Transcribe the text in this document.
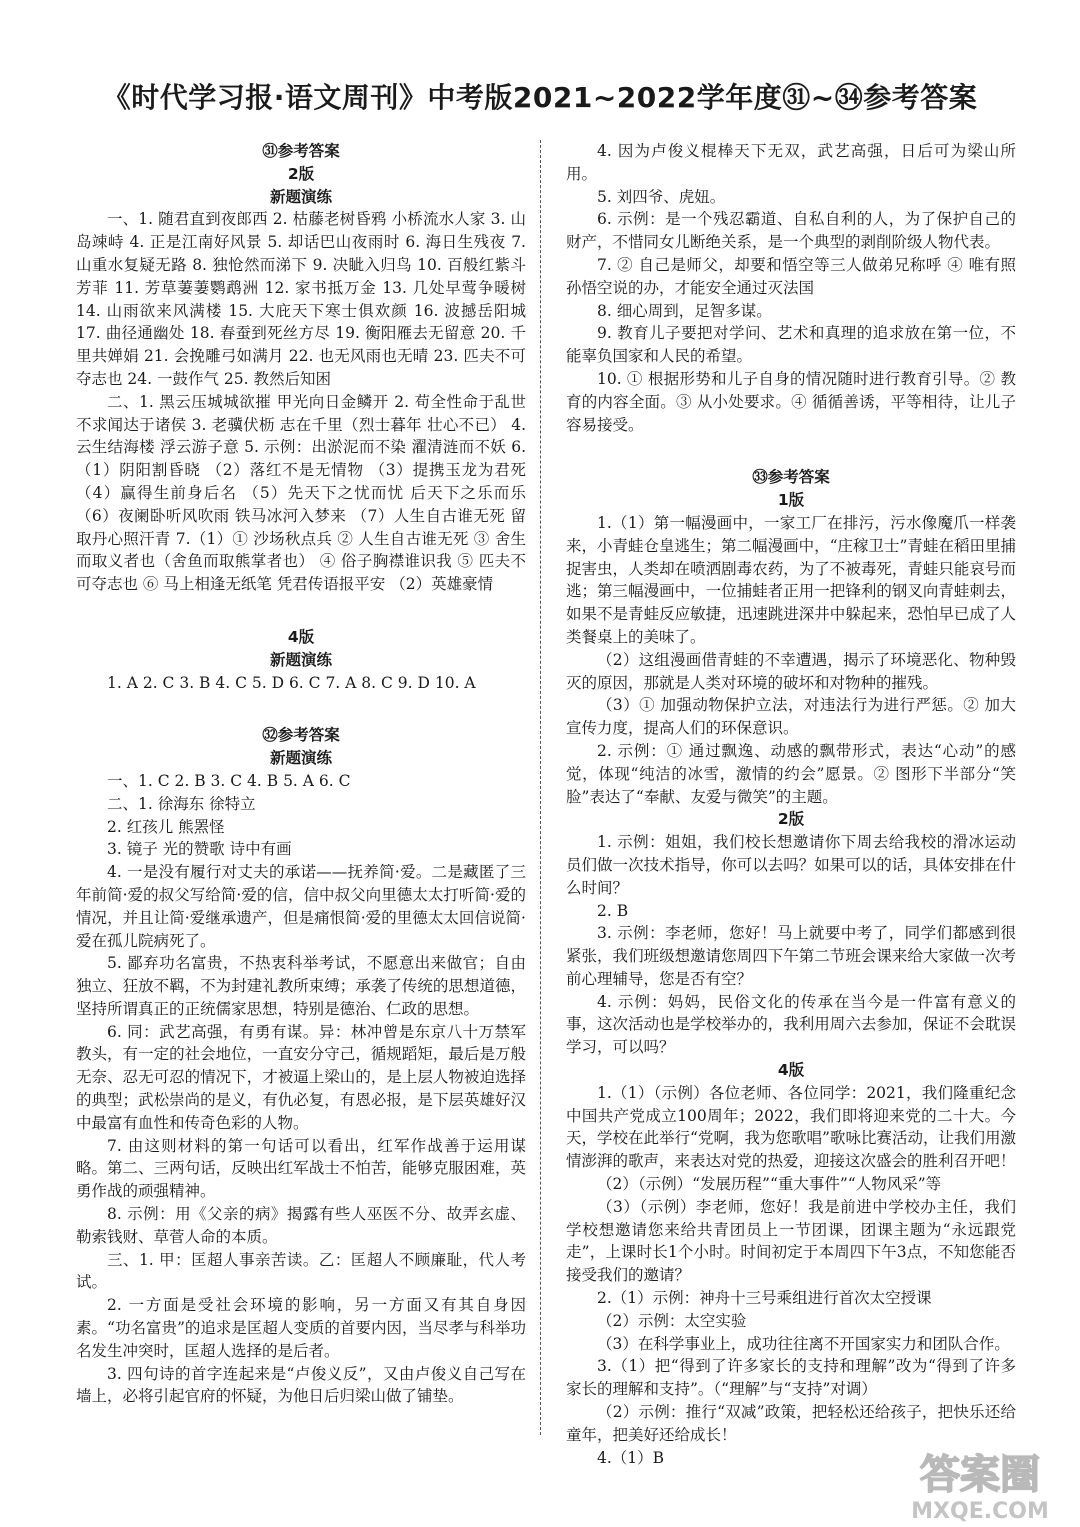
《时代学习报·语文周刊》中考版2021~2022学年度㉛~㉞参考答案
㉛参考答案
2版
新题演练
一、1. 随君直到夜郎西 2. 枯藤老树昏鸦 小桥流水人家 3. 山岛竦峙 4. 正是江南好风景 5. 却话巴山夜雨时 6. 海日生残夜 7. 山重水复疑无路 8. 独怆然而涕下 9. 决眦入归鸟 10. 百般红紫斗芳菲 11. 芳草萋萋鹦鹉洲 12. 家书抵万金 13. 几处早莺争暖树 14. 山雨欲来风满楼 15. 大庇天下寒士俱欢颜 16. 波撼岳阳城 17. 曲径通幽处 18. 春蚕到死丝方尽 19. 衡阳雁去无留意 20. 千里共婵娟 21. 会挽雕弓如满月 22. 也无风雨也无晴 23. 匹夫不可夺志也 24. 一鼓作气 25. 教然后知困
二、1. 黑云压城城欲摧 甲光向日金鳞开 2. 苟全性命于乱世 不求闻达于诸侯 3. 老骥伏枥 志在千里（烈士暮年 壮心不已） 4. 云生结海楼 浮云游子意 5. 示例：出淤泥而不染 濯清涟而不妖 6.（1）阴阳割昏晓 （2）落红不是无情物 （3）提携玉龙为君死 （4）赢得生前身后名 （5）先天下之忧而忧 后天下之乐而乐 （6）夜阑卧听风吹雨 铁马冰河入梦来 （7）人生自古谁无死 留取丹心照汗青 7.（1）① 沙场秋点兵 ② 人生自古谁无死 ③ 舍生而取义者也（舍鱼而取熊掌者也） ④ 俗子胸襟谁识我 ⑤ 匹夫不可夺志也 ⑥ 马上相逢无纸笔 凭君传语报平安 （2）英雄豪情
4版
新题演练
1. A 2. C 3. B 4. C 5. D 6. C 7. A 8. C 9. D 10. A
㉜参考答案
新题演练
一、1. C 2. B 3. C 4. B 5. A 6. C
二、1. 徐海东 徐特立
2. 红孩儿 熊罴怪
3. 镜子 光的赞歌 诗中有画
4. 一是没有履行对丈夫的承诺——抚养简·爱。二是藏匿了三年前简·爱的叔父写给简·爱的信，信中叔父向里德太太打听简·爱的情况，并且让简·爱继承遗产，但是痛恨简·爱的里德太太回信说简·爱在孤儿院病死了。
5. 鄙弃功名富贵，不热衷科举考试，不愿意出来做官；自由独立、狂放不羁，不为封建礼教所束缚；承袭了传统的思想道德，坚持所谓真正的正统儒家思想，特别是德治、仁政的思想。
6. 同：武艺高强，有勇有谋。异：林冲曾是东京八十万禁军教头，有一定的社会地位，一直安分守己，循规蹈矩，最后是万般无奈、忍无可忍的情况下，才被逼上梁山的，是上层人物被迫选择的典型；武松崇尚的是义，有仇必复，有恩必报，是下层英雄好汉中最富有血性和传奇色彩的人物。
7. 由这则材料的第一句话可以看出，红军作战善于运用谋略。第二、三两句话，反映出红军战士不怕苦，能够克服困难，英勇作战的顽强精神。
8. 示例：用《父亲的病》揭露有些人巫医不分、故弄玄虚、勒索钱财、草菅人命的本质。
三、1. 甲：匡超人事亲苦读。乙：匡超人不顾廉耻，代人考试。
2. 一方面是受社会环境的影响，另一方面又有其自身因素。“功名富贵”的追求是匡超人变质的首要内因，当尽孝与科举功名发生冲突时，匡超人选择的是后者。
3. 四句诗的首字连起来是“卢俊义反”，又由卢俊义自己写在墙上，必将引起官府的怀疑，为他日后归梁山做了铺垫。
4. 因为卢俊义棍棒天下无双，武艺高强，日后可为梁山所用。
5. 刘四爷、虎妞。
6. 示例：是一个残忍霸道、自私自利的人，为了保护自己的财产，不惜同女儿断绝关系，是一个典型的剥削阶级人物代表。
7. ② 自己是师父，却要和悟空等三人做弟兄称呼 ④ 唯有照孙悟空说的办，才能安全通过灭法国
8. 细心周到，足智多谋。
9. 教育儿子要把对学问、艺术和真理的追求放在第一位，不能辜负国家和人民的希望。
10. ① 根据形势和儿子自身的情况随时进行教育引导。② 教育的内容全面。③ 从小处要求。④ 循循善诱，平等相待，让儿子容易接受。
㉝参考答案
1版
1.（1）第一幅漫画中，一家工厂在排污，污水像魔爪一样袭来，小青蛙仓皇逃生；第二幅漫画中，“庄稼卫士”青蛙在稻田里捕捉害虫，人类却在喷洒剧毒农药，为了不被毒死，青蛙只能哀号而逃；第三幅漫画中，一位捕蛙者正用一把锋利的钢叉向青蛙刺去，如果不是青蛙反应敏捷，迅速跳进深井中躲起来，恐怕早已成了人类餐桌上的美味了。
（2）这组漫画借青蛙的不幸遭遇，揭示了环境恶化、物种毁灭的原因，那就是人类对环境的破坏和对物种的摧残。
（3）① 加强动物保护立法，对违法行为进行严惩。② 加大宣传力度，提高人们的环保意识。
2. 示例：① 通过飘逸、动感的飘带形式，表达“心动”的感觉，体现“纯洁的冰雪，激情的约会”愿景。② 图形下半部分“笑脸”表达了“奉献、友爱与微笑”的主题。
2版
1. 示例：姐姐，我们校长想邀请你下周去给我校的滑冰运动员们做一次技术指导，你可以去吗？如果可以的话，具体安排在什么时间？
2. B
3. 示例：李老师，您好！马上就要中考了，同学们都感到很紧张，我们班级想邀请您周四下午第二节班会课来给大家做一次考前心理辅导，您是否有空？
4. 示例：妈妈，民俗文化的传承在当今是一件富有意义的事，这次活动也是学校举办的，我利用周六去参加，保证不会耽误学习，可以吗？
4版
1.（1）（示例）各位老师、各位同学：2021，我们隆重纪念中国共产党成立100周年；2022，我们即将迎来党的二十大。今天，学校在此举行“党啊，我为您歌唱”歌咏比赛活动，让我们用激情澎湃的歌声，来表达对党的热爱，迎接这次盛会的胜利召开吧！
（2）（示例）“发展历程”“重大事件”“人物风采”等
（3）（示例）李老师，您好！我是前进中学校办主任，我们学校想邀请您来给共青团员上一节团课，团课主题为“永远跟党走”，上课时长1个小时。时间初定于本周四下午3点，不知您能否接受我们的邀请？
2.（1）示例：神舟十三号乘组进行首次太空授课
（2）示例：太空实验
（3）在科学事业上，成功往往离不开国家实力和团队合作。
3.（1）把“得到了许多家长的支持和理解”改为“得到了许多家长的理解和支持”。（“理解”与“支持”对调）
（2）示例：推行“双减”政策，把轻松还给孩子，把快乐还给童年，把美好还给成长！
4.（1）B	答案圈
MXQE.COM
